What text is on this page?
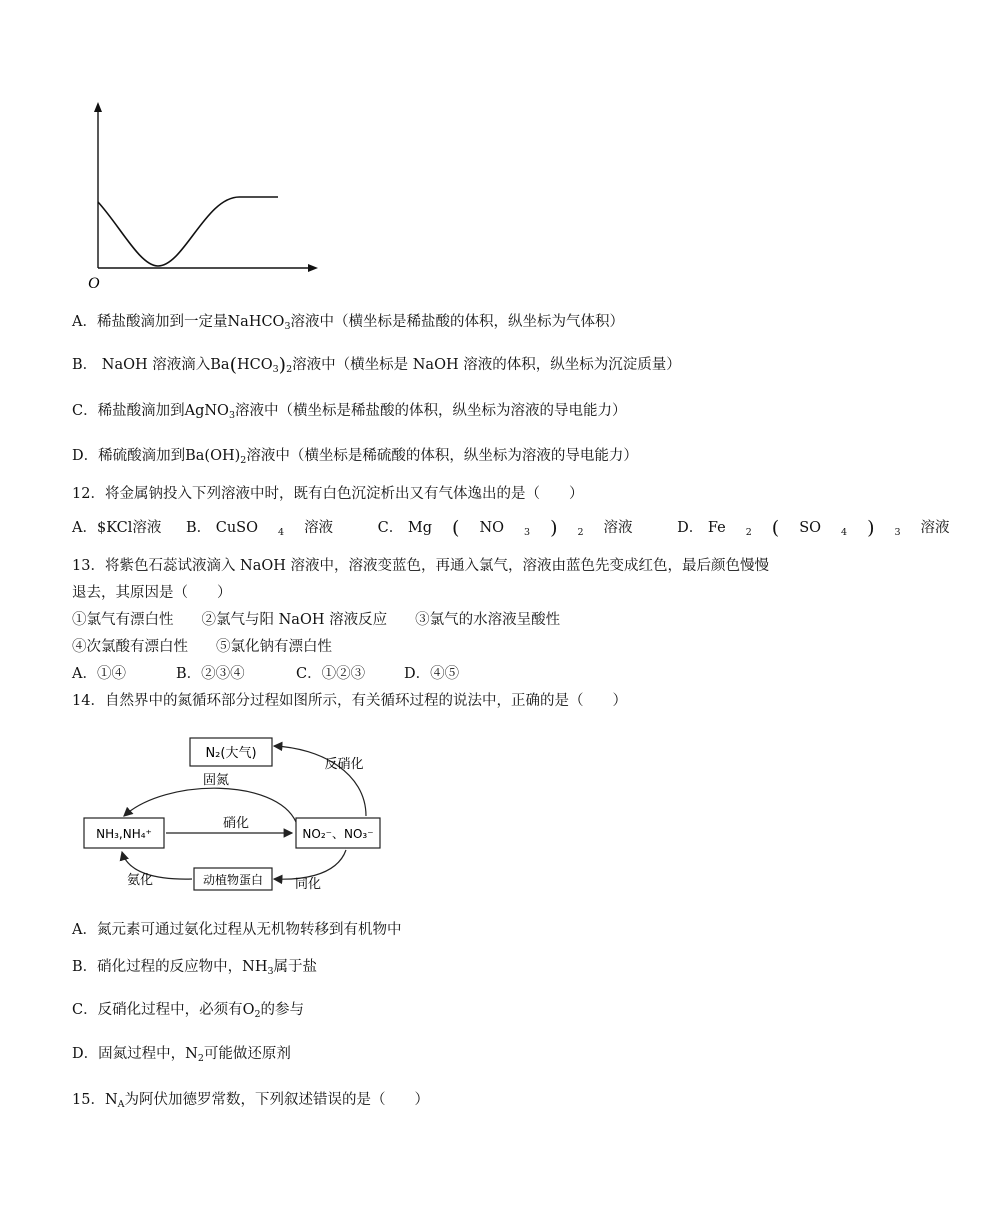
O
A．稀盐酸滴加到一定量NaHCO$_3$溶液中（横坐标是稀盐酸的体积，纵坐标为气体积）
B． NaOH 溶液滴入$Ba(HCO_3)_2$溶液中（横坐标是 NaOH 溶液的体积，纵坐标为沉淀质量）
C．稀盐酸滴加到AgNO$_3$溶液中（横坐标是稀盐酸的体积，纵坐标为溶液的导电能力）
D．稀硫酸滴加到$Ba(OH)_2$溶液中（横坐标是稀硫酸的体积，纵坐标为溶液的导电能力）
12．将金属钠投入下列溶液中时，既有白色沉淀析出又有气体逸出的是（　　）
A．$KCl溶液 B． CuSO $_4$ 溶液	C． Mg ( NO $_3$ ) $_2$ 溶液	D． Fe $_2$ ( SO $_4$ ) $_3$ 溶液
13．将紫色石蕊试液滴入 NaOH 溶液中，溶液变蓝色，再通入氯气，溶液由蓝色先变成红色，最后颜色慢慢
退去，其原因是（　　）
①氯气有漂白性 ②氯气与阳 NaOH 溶液反应 ③氯气的水溶液呈酸性
④次氯酸有漂白性 ⑤氯化钠有漂白性
A．①④	B．②③④	C．①②③	D．④⑤
14．自然界中的氮循环部分过程如图所示，有关循环过程的说法中，正确的是（　　）
N₂(大气)
NH₃,NH₄⁺	NO₂⁻、NO₃⁻
动植物蛋白
固氮
反硝化
硝化
氨化	同化
A．氮元素可通过氨化过程从无机物转移到有机物中
B．硝化过程的反应物中，$NH_3$属于盐
C．反硝化过程中，必须有$O_2$的参与
D．固氮过程中，$N_2$可能做还原剂
15．$N_A$为阿伏加德罗常数，下列叙述错误的是（　　）
